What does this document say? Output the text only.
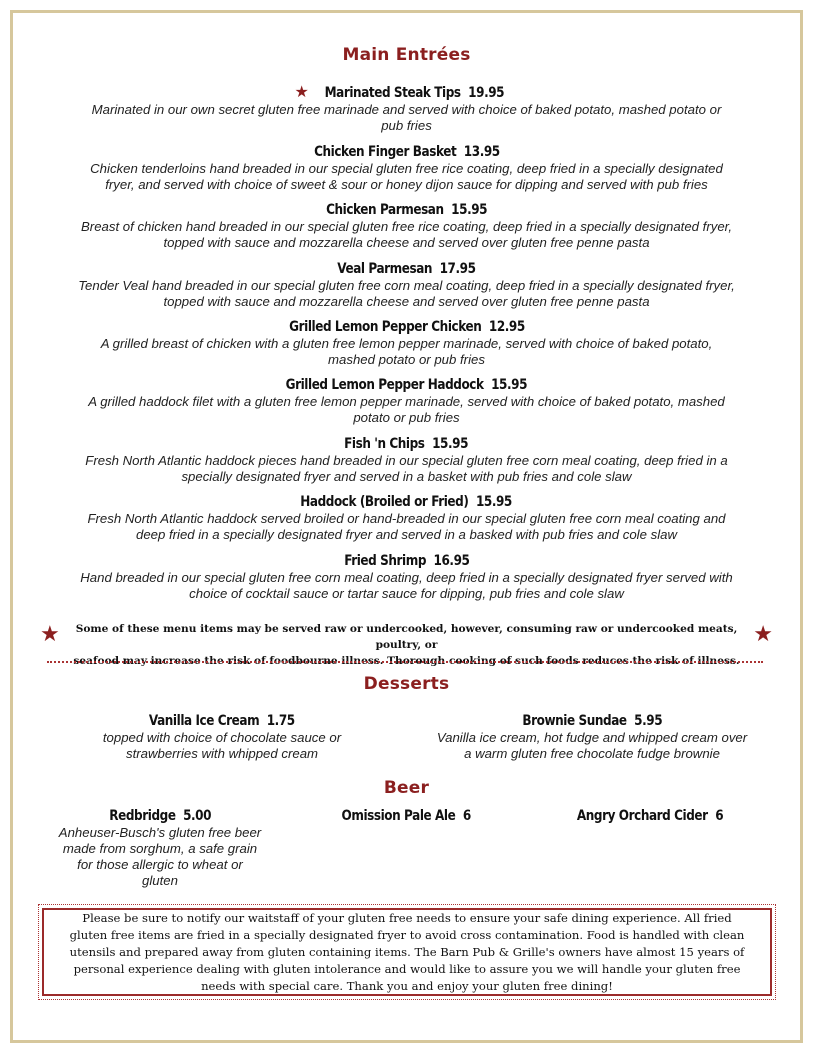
Main Entrées
★ Marinated Steak Tips 19.95
Marinated in our own secret gluten free marinade and served with choice of baked potato, mashed potato or
pub fries
Chicken Finger Basket 13.95
Chicken tenderloins hand breaded in our special gluten free rice coating, deep fried in a specially designated
fryer, and served with choice of sweet & sour or honey dijon sauce for dipping and served with pub fries
Chicken Parmesan 15.95
Breast of chicken hand breaded in our special gluten free rice coating, deep fried in a specially designated fryer,
topped with sauce and mozzarella cheese and served over gluten free penne pasta
Veal Parmesan 17.95
Tender Veal hand breaded in our special gluten free corn meal coating, deep fried in a specially designated fryer,
topped with sauce and mozzarella cheese and served over gluten free penne pasta
Grilled Lemon Pepper Chicken 12.95
A grilled breast of chicken with a gluten free lemon pepper marinade, served with choice of baked potato,
mashed potato or pub fries
Grilled Lemon Pepper Haddock 15.95
A grilled haddock filet with a gluten free lemon pepper marinade, served with choice of baked potato, mashed
potato or pub fries
Fish 'n Chips 15.95
Fresh North Atlantic haddock pieces hand breaded in our special gluten free corn meal coating, deep fried in a
specially designated fryer and served in a basket with pub fries and cole slaw
Haddock (Broiled or Fried) 15.95
Fresh North Atlantic haddock served broiled or hand-breaded in our special gluten free corn meal coating and
deep fried in a specially designated fryer and served in a basked with pub fries and cole slaw
Fried Shrimp 16.95
Hand breaded in our special gluten free corn meal coating, deep fried in a specially designated fryer served with
choice of cocktail sauce or tartar sauce for dipping, pub fries and cole slaw
★	Some of these menu items may be served raw or undercooked, however, consuming raw or undercooked meats, poultry, or
seafood may increase the risk of foodbourne illness. Thorough cooking of such foods reduces the risk of illness.
★
Desserts
Vanilla Ice Cream 1.75
topped with choice of chocolate sauce or
strawberries with whipped cream
Brownie Sundae 5.95
Vanilla ice cream, hot fudge and whipped cream over
a warm gluten free chocolate fudge brownie
Beer
Redbridge 5.00
Anheuser-Busch's gluten free beer
made from sorghum, a safe grain
for those allergic to wheat or
gluten
Omission Pale Ale 6	Angry Orchard Cider 6
Please be sure to notify our waitstaff of your gluten free needs to ensure your safe dining experience. All fried
gluten free items are fried in a specially designated fryer to avoid cross contamination. Food is handled with clean
utensils and prepared away from gluten containing items. The Barn Pub & Grille's owners have almost 15 years of
personal experience dealing with gluten intolerance and would like to assure you we will handle your gluten free
needs with special care. Thank you and enjoy your gluten free dining!
